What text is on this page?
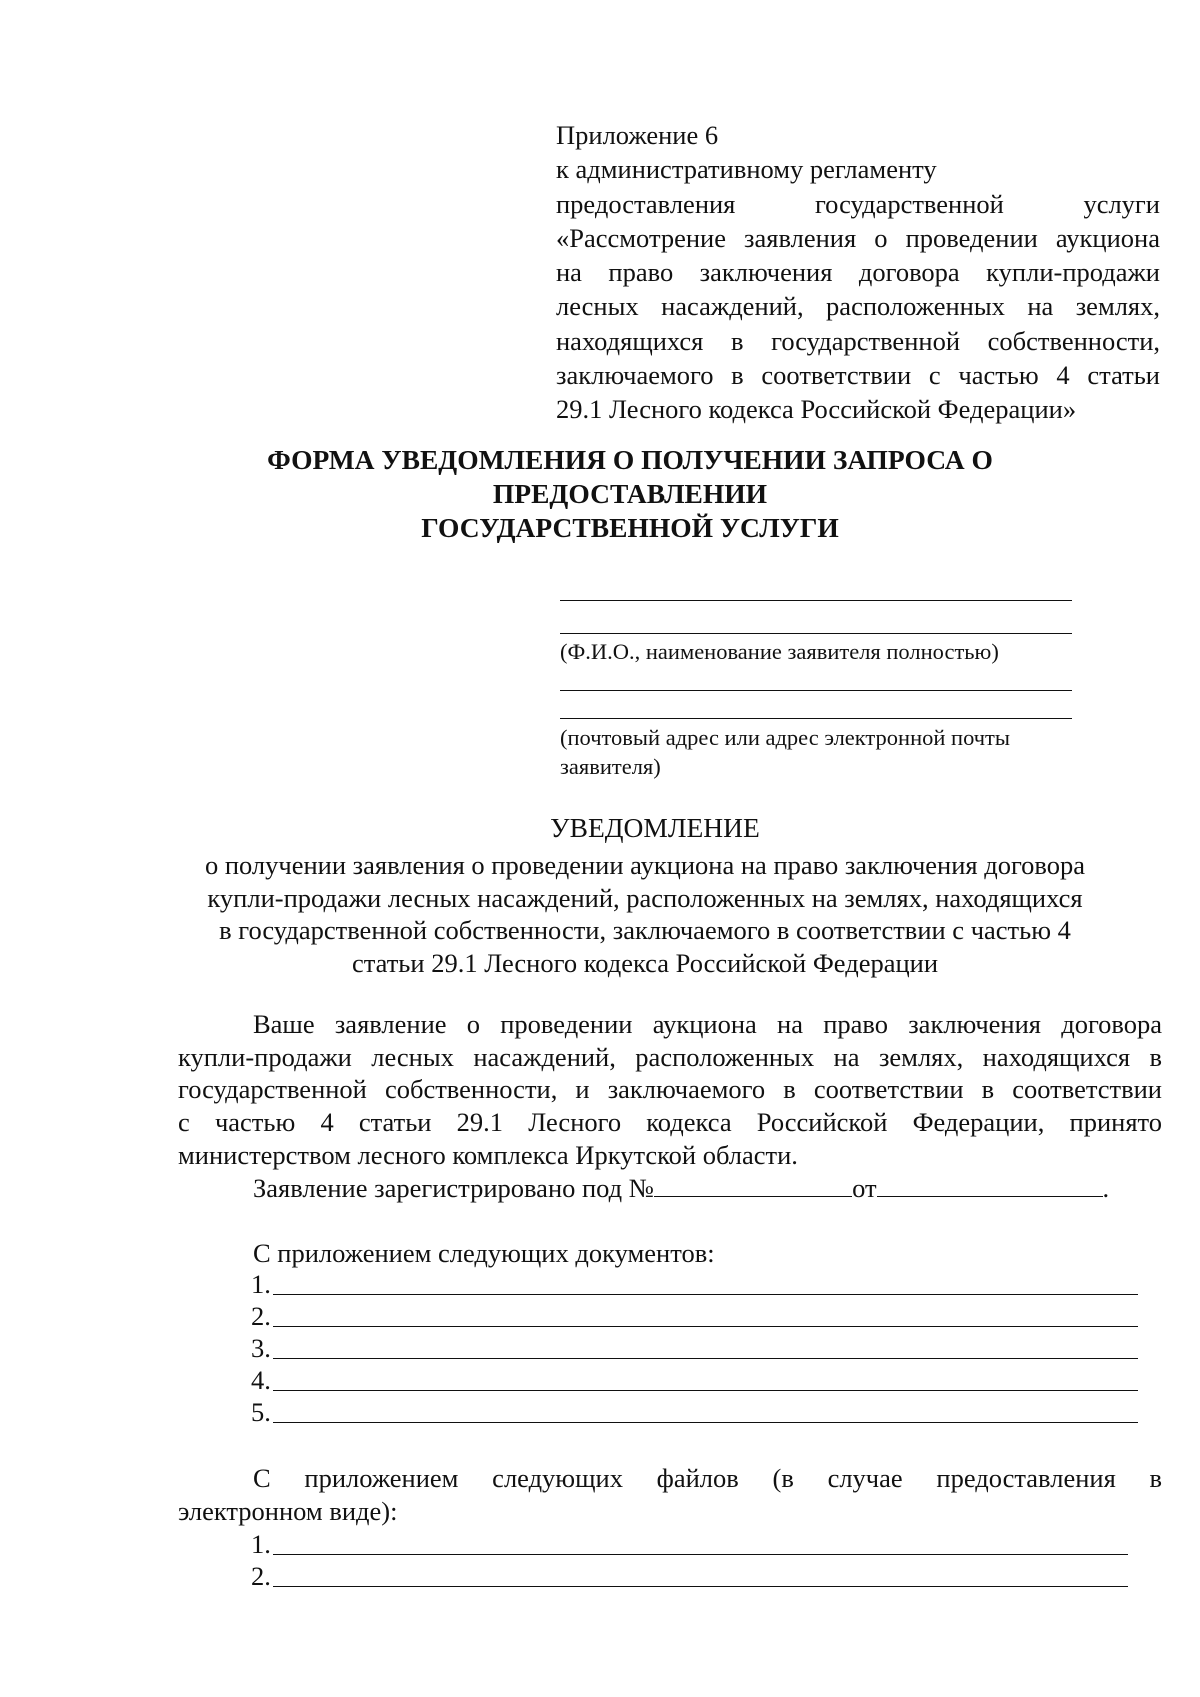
Приложение 6
к административному регламенту
предоставления государственной услуги
«Рассмотрение заявления о проведении аукциона
на право заключения договора купли-продажи
лесных насаждений, расположенных на землях,
находящихся в государственной собственности,
заключаемого в соответствии с частью 4 статьи
29.1 Лесного кодекса Российской Федерации»
ФОРМА УВЕДОМЛЕНИЯ О ПОЛУЧЕНИИ ЗАПРОСА О
ПРЕДОСТАВЛЕНИИ
ГОСУДАРСТВЕННОЙ УСЛУГИ
(Ф.И.О., наименование заявителя полностью)
(почтовый адрес или адрес электронной почты
заявителя)
УВЕДОМЛЕНИЕ
о получении заявления о проведении аукциона на право заключения договора
купли-продажи лесных насаждений, расположенных на землях, находящихся
в государственной собственности, заключаемого в соответствии с частью 4
статьи 29.1 Лесного кодекса Российской Федерации
Ваше заявление о проведении аукциона на право заключения договора
купли-продажи лесных насаждений, расположенных на землях, находящихся в
государственной собственности, и заключаемого в соответствии в соответствии
с частью 4 статьи 29.1 Лесного кодекса Российской Федерации, принято
министерством лесного комплекса Иркутской области.
Заявление зарегистрировано под №	от	.
С приложением следующих документов:
1.
2.
3.
4.
5.
С приложением следующих файлов (в случае предоставления в
электронном виде):
1.
2.
